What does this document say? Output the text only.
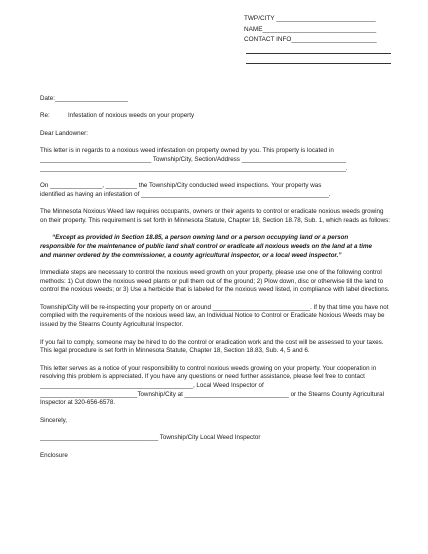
TWP/CITY ____________________________
NAME________________________________
CONTACT INFO________________________

Date:_____________________

Re:	Infestation of noxious weeds on your property

Dear Landowner:

This letter is in regards to a noxious weed infestation on property owned by you. This property is located in
________________________________ Township/City, Section/Address ______________________________
________________________________________________________________________________________.

On _______________, _________ the Township/City conducted weed inspections. Your property was
identified as having an infestation of ______________________________________________________.

The Minnesota Noxious Weed law requires occupants, owners or their agents to control or eradicate noxious weeds growing on their property. This requirement is set forth in Minnesota Statute, Chapter 18, Section 18.78, Sub. 1, which reads as follows:

“Except as provided in Section 18.85, a person owning land or a person occupying land or a person responsible for the maintenance of public land shall control or eradicate all noxious weeds on the land at a time and manner ordered by the commissioner, a county agricultural inspector, or a local weed inspector.”

Immediate steps are necessary to control the noxious weed growth on your property, please use one of the following control methods: 1) Cut down the noxious weed plants or pull them out of the ground; 2) Plow down, disc or otherwise till the land to control the noxious weeds; or 3) Use a herbicide that is labeled for the noxious weed listed, in compliance with label directions.

Township/City will be re-inspecting your property on or around ____________________________. If by that time you have not complied with the requirements of the noxious weed law, an Individual Notice to Control or Eradicate Noxious Weeds may be issued by the Stearns County Agricultural Inspector.

If you fail to comply, someone may be hired to do the control or eradication work and the cost will be assessed to your taxes. This legal procedure is set forth in Minnesota Statute, Chapter 18, Section 18.83, Sub. 4, 5 and 6.

This letter serves as a notice of your responsibility to control noxious weeds growing on your property. Your cooperation in resolving this problem is appreciated. If you have any questions or need further assistance, please feel free to contact ____________________________________________, Local Weed Inspector of ____________________________Township/City at ______________________________ or the Stearns County Agricultural Inspector at 320-656-6578.

Sincerely,

__________________________________ Township/City Local Weed Inspector

Enclosure
